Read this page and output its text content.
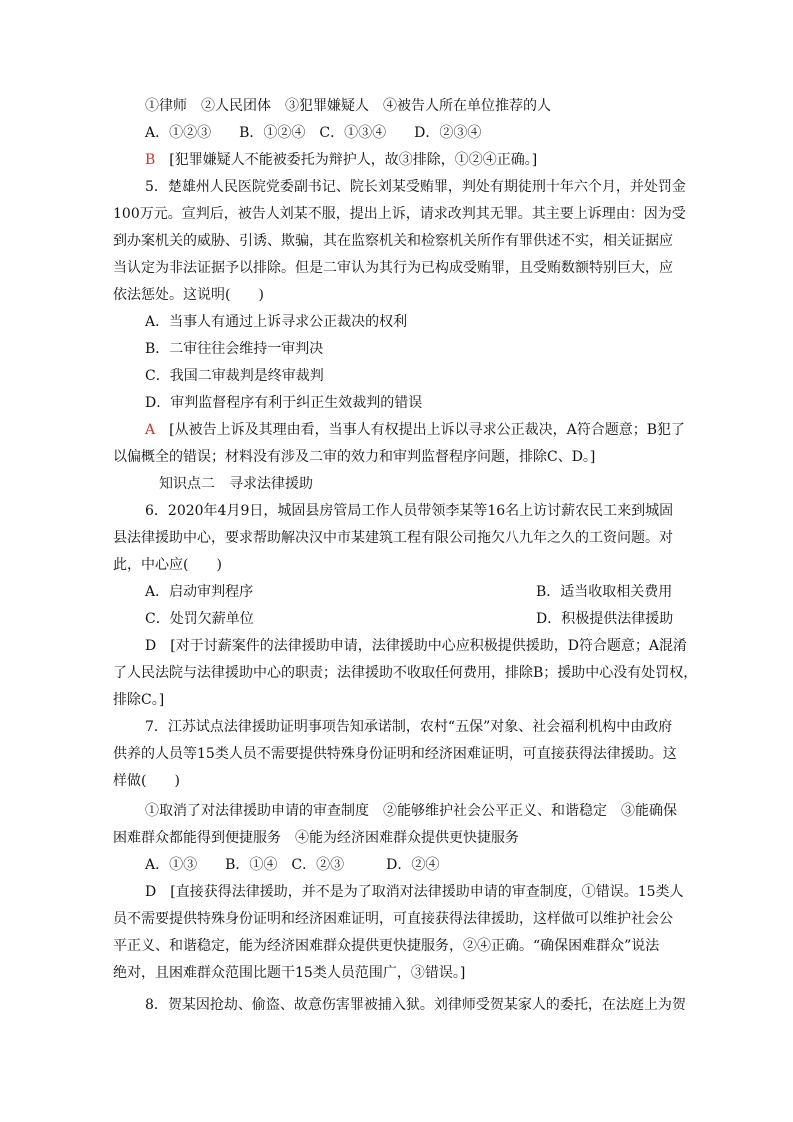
①律师　②人民团体　③犯罪嫌疑人　④被告人所在单位推荐的人
A．①②③　　B．①②④　C．①③④　　D．②③④
B　[犯罪嫌疑人不能被委托为辩护人，故③排除，①②④正确。]
5．楚雄州人民医院党委副书记、院长刘某受贿罪，判处有期徒刑十年六个月，并处罚金
100万元。宣判后，被告人刘某不服，提出上诉，请求改判其无罪。其主要上诉理由：因为受
到办案机关的威胁、引诱、欺骗，其在监察机关和检察机关所作有罪供述不实，相关证据应
当认定为非法证据予以排除。但是二审认为其行为已构成受贿罪，且受贿数额特别巨大，应
依法惩处。这说明(　　)
A．当事人有通过上诉寻求公正裁决的权利
B．二审往往会维持一审判决
C．我国二审裁判是终审裁判
D．审判监督程序有利于纠正生效裁判的错误
A　[从被告上诉及其理由看，当事人有权提出上诉以寻求公正裁决，A符合题意；B犯了
以偏概全的错误；材料没有涉及二审的效力和审判监督程序问题，排除C、D。]
知识点二　寻求法律援助
6．2020年4月9日，城固县房管局工作人员带领李某等16名上访讨薪农民工来到城固
县法律援助中心，要求帮助解决汉中市某建筑工程有限公司拖欠八九年之久的工资问题。对
此，中心应(　　)
A．启动审判程序	B．适当收取相关费用
C．处罚欠薪单位	D．积极提供法律援助
D　[对于讨薪案件的法律援助申请，法律援助中心应积极提供援助，D符合题意；A混淆
了人民法院与法律援助中心的职责；法律援助不收取任何费用，排除B；援助中心没有处罚权，
排除C。]
7．江苏试点法律援助证明事项告知承诺制，农村“五保”对象、社会福利机构中由政府
供养的人员等15类人员不需要提供特殊身份证明和经济困难证明，可直接获得法律援助。这
样做(　　)
①取消了对法律援助申请的审查制度　②能够维护社会公平正义、和谐稳定　③能确保
困难群众都能得到便捷服务　④能为经济困难群众提供更快捷服务
A．①③　　B．①④　C．②③　　　D．②④
D　[直接获得法律援助，并不是为了取消对法律援助申请的审查制度，①错误。15类人
员不需要提供特殊身份证明和经济困难证明，可直接获得法律援助，这样做可以维护社会公
平正义、和谐稳定，能为经济困难群众提供更快捷服务，②④正确。“确保困难群众”说法
绝对，且困难群众范围比题干15类人员范围广，③错误。]
8．贺某因抢劫、偷盗、故意伤害罪被捕入狱。刘律师受贺某家人的委托，在法庭上为贺
